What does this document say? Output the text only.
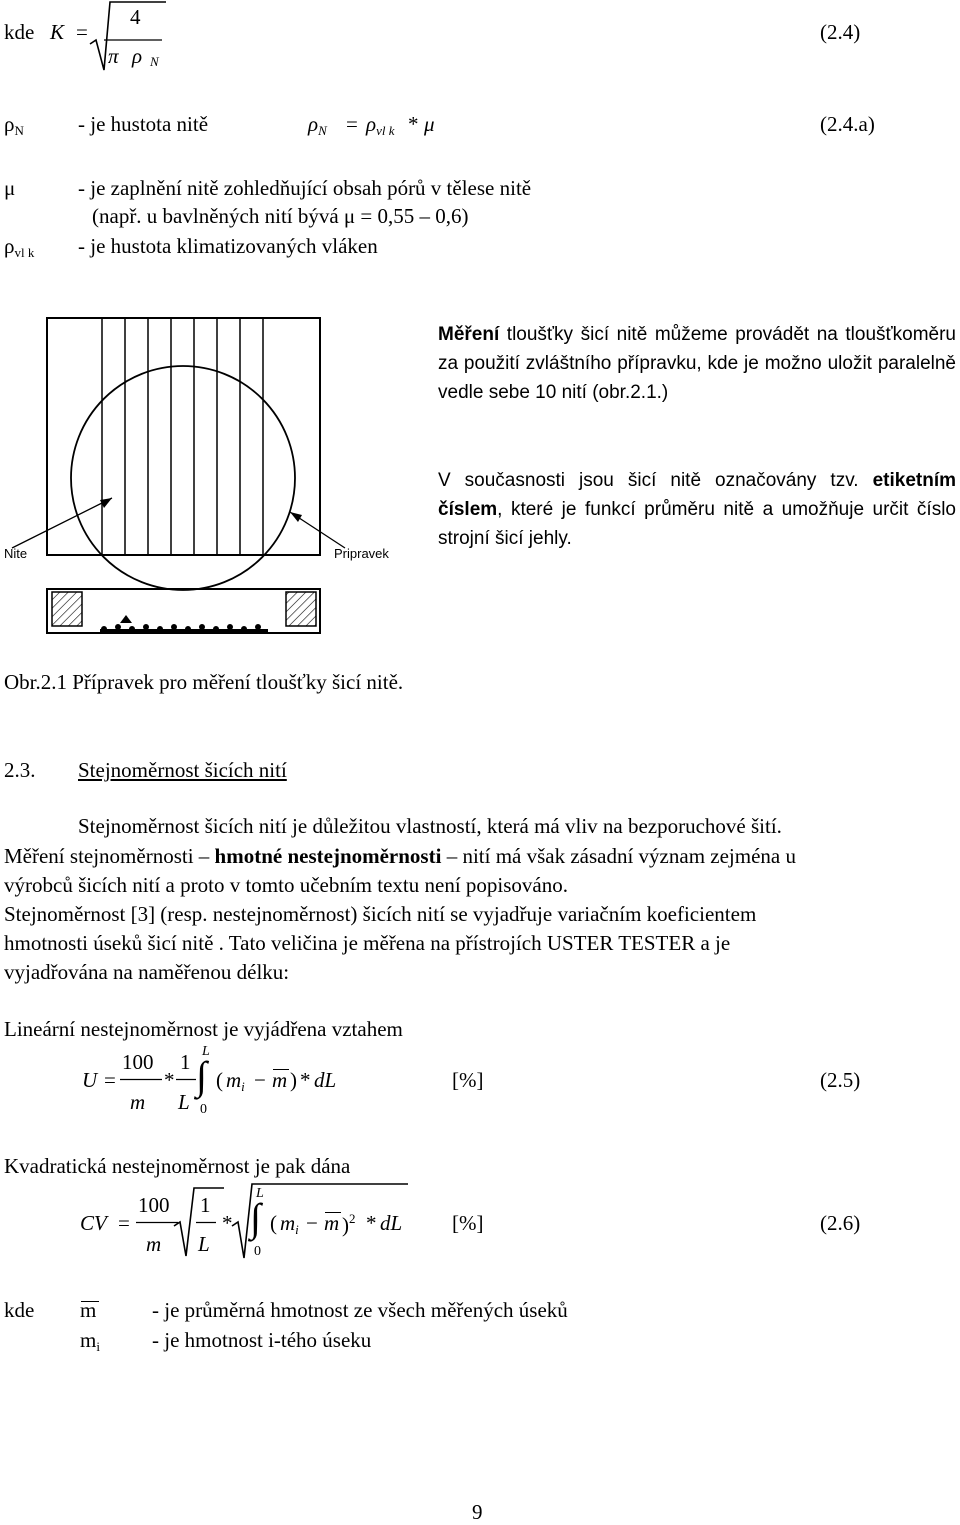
kde K =
4
π ρ N
(2.4)
$\rho_N$	- je hustota nitě	$\rho_N = \rho_{vl k} * \mu$	(2.4.a)
μ	- je zaplnění nitě zohledňující obsah pórů v tělese nitě
(např. u bavlněných nití bývá μ = 0,55 – 0,6)
$\rho_{vl k}$ - je hustota klimatizovaných vláken
Nite	Pripravek
Měření tloušťky šicí nitě můžeme provádět na tloušťkoměru za použití zvláštního přípravku, kde je možno uložit paralelně vedle sebe 10 nití (obr.2.1.)
V současnosti jsou šicí nitě označovány tzv. etiketním číslem, které je funkcí průměru nitě a umožňuje určit číslo strojní šicí jehly.
Obr.2.1 Přípravek pro měření tloušťky šicí nitě.
2.3. Stejnoměrnost šicích nití
Stejnoměrnost šicích nití je důležitou vlastností, která má vliv na bezporuchové šití.
Měření stejnoměrnosti – hmotné nestejnoměrnosti – nití má však zásadní význam zejména u
výrobců šicích nití a proto v tomto učebním textu není popisováno.
Stejnoměrnost [3] (resp. nestejnoměrnost) šicích nití se vyjadřuje variačním koeficientem
hmotnosti úseků šicí nitě . Tato veličina je měřena na přístrojích USTER TESTER a je
vyjadřována na naměřenou délku:
Lineární nestejnoměrnost je vyjádřena vztahem
U =
100
m
*
1
L
L
0
∫ ( $m_i - m$ ) * dL	[%]	(2.5)
Kvadratická nestejnoměrnost je pak dána
CV =
100
m
1
L
*
L
0
∫ ( $m_i - m$ )$^2$ * dL [%]	(2.6)
kde m	- je průměrná hmotnost ze všech měřených úseků
$m_i$ - je hmotnost i-tého úseku
9
